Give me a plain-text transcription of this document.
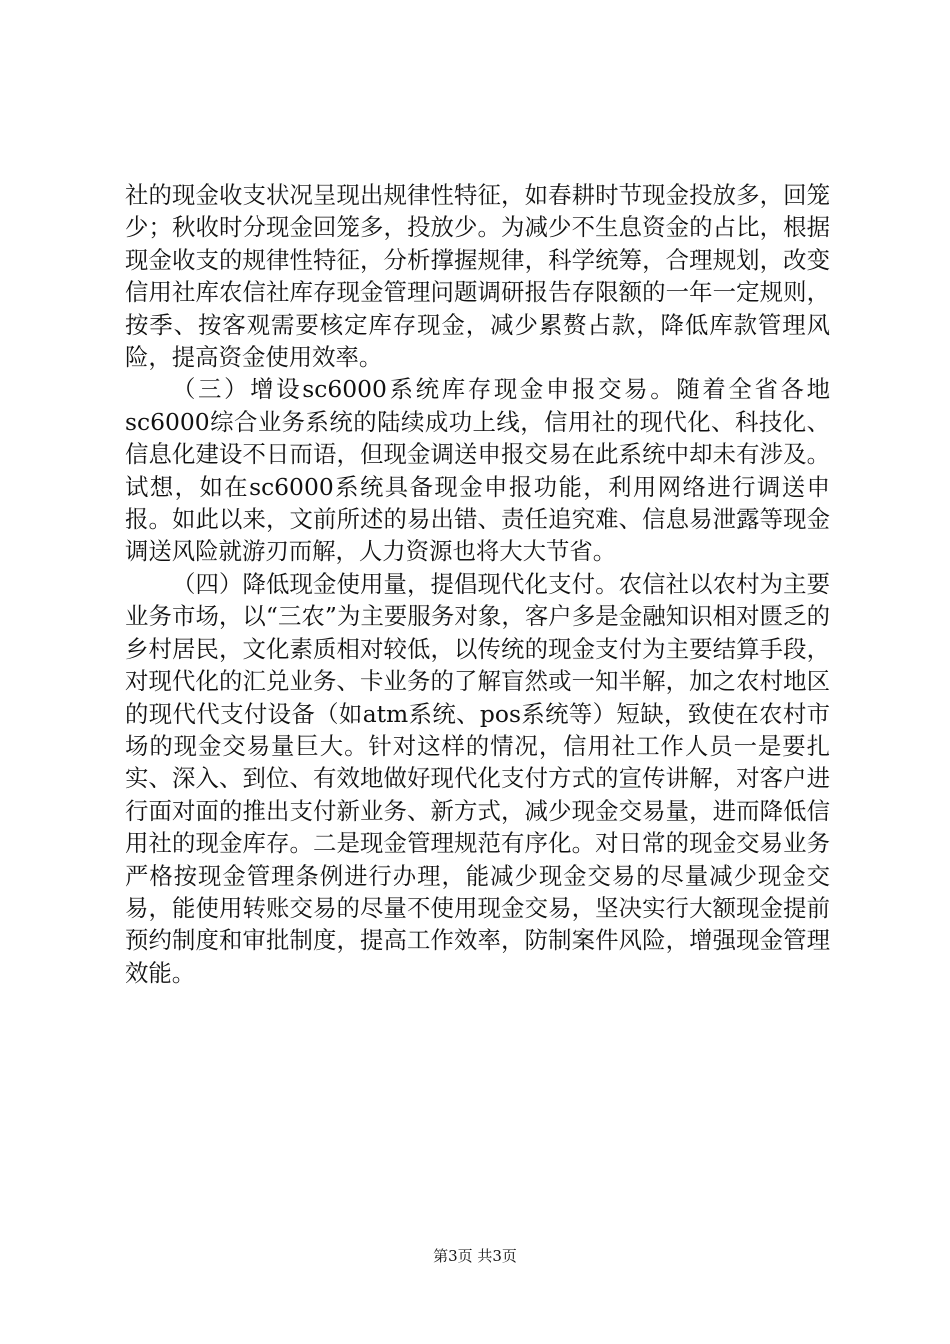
社的现金收支状况呈现出规律性特征，如春耕时节现金投放多，回笼少；秋收时分现金回笼多，投放少。为减少不生息资金的占比，根据现金收支的规律性特征，分析撑握规律，科学统筹，合理规划，改变信用社库农信社库存现金管理问题调研报告存限额的一年一定规则，按季、按客观需要核定库存现金，减少累赘占款，降低库款管理风险，提高资金使用效率。

（三）增设sc6000系统库存现金申报交易。随着全省各地sc6000综合业务系统的陆续成功上线，信用社的现代化、科技化、信息化建设不日而语，但现金调送申报交易在此系统中却未有涉及。试想，如在sc6000系统具备现金申报功能，利用网络进行调送申报。如此以来，文前所述的易出错、责任追究难、信息易泄露等现金调送风险就游刃而解，人力资源也将大大节省。

（四）降低现金使用量，提倡现代化支付。农信社以农村为主要业务市场，以“三农”为主要服务对象，客户多是金融知识相对匮乏的乡村居民，文化素质相对较低，以传统的现金支付为主要结算手段，对现代化的汇兑业务、卡业务的了解盲然或一知半解，加之农村地区的现代代支付设备（如atm系统、pos系统等）短缺，致使在农村市场的现金交易量巨大。针对这样的情况，信用社工作人员一是要扎实、深入、到位、有效地做好现代化支付方式的宣传讲解，对客户进行面对面的推出支付新业务、新方式，减少现金交易量，进而降低信用社的现金库存。二是现金管理规范有序化。对日常的现金交易业务严格按现金管理条例进行办理，能减少现金交易的尽量减少现金交易，能使用转账交易的尽量不使用现金交易，坚决实行大额现金提前预约制度和审批制度，提高工作效率，防制案件风险，增强现金管理效能。

第3页 共3页
